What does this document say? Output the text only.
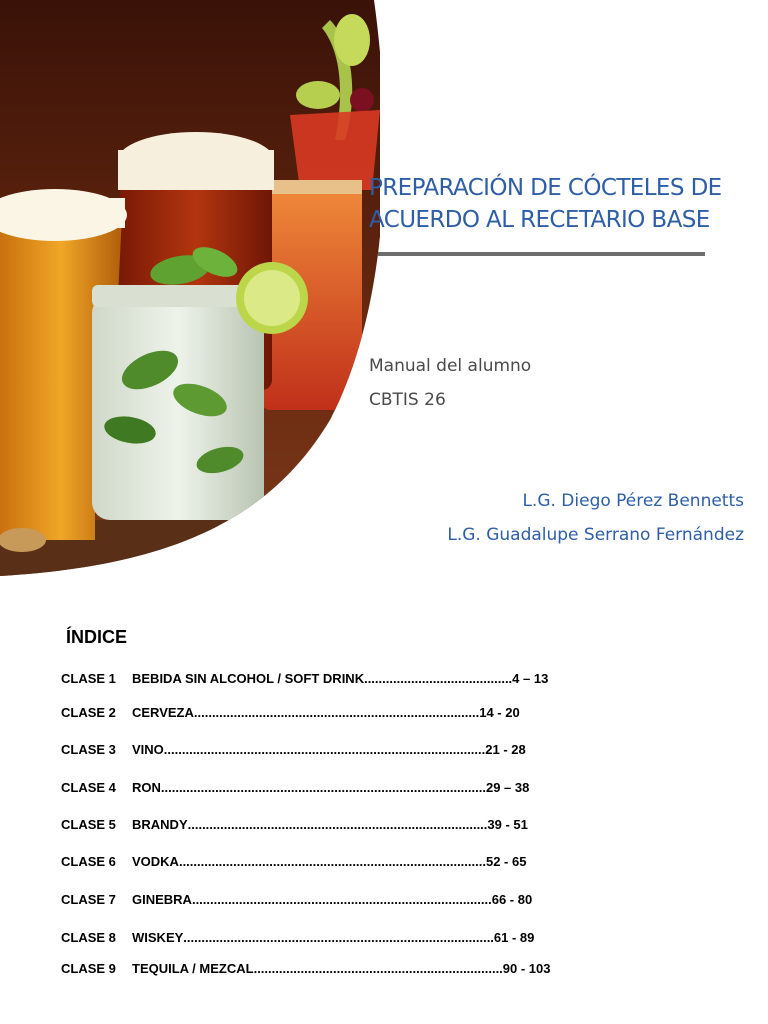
PREPARACIÓN DE CÓCTELES DE
ACUERDO AL RECETARIO BASE
Manual del alumno
CBTIS 26
L.G. Diego Pérez Bennetts
L.G. Guadalupe Serrano Fernández
ÍNDICE
CLASE 1	BEBIDA SIN ALCOHOL / SOFT DRINK ......................................... 4 – 13
CLASE 2	CERVEZA ............................................................................... 14 - 20
CLASE 3	VINO ......................................................................................... 21 - 28
CLASE 4	RON .......................................................................................... 29 – 38
CLASE 5	BRANDY ................................................................................... 39 - 51
CLASE 6	VODKA ..................................................................................... 52 - 65
CLASE 7	GINEBRA ................................................................................... 66 - 80
CLASE 8	WISKEY ...................................................................................... 61 - 89
CLASE 9	TEQUILA / MEZCAL ..................................................................... 90 - 103
